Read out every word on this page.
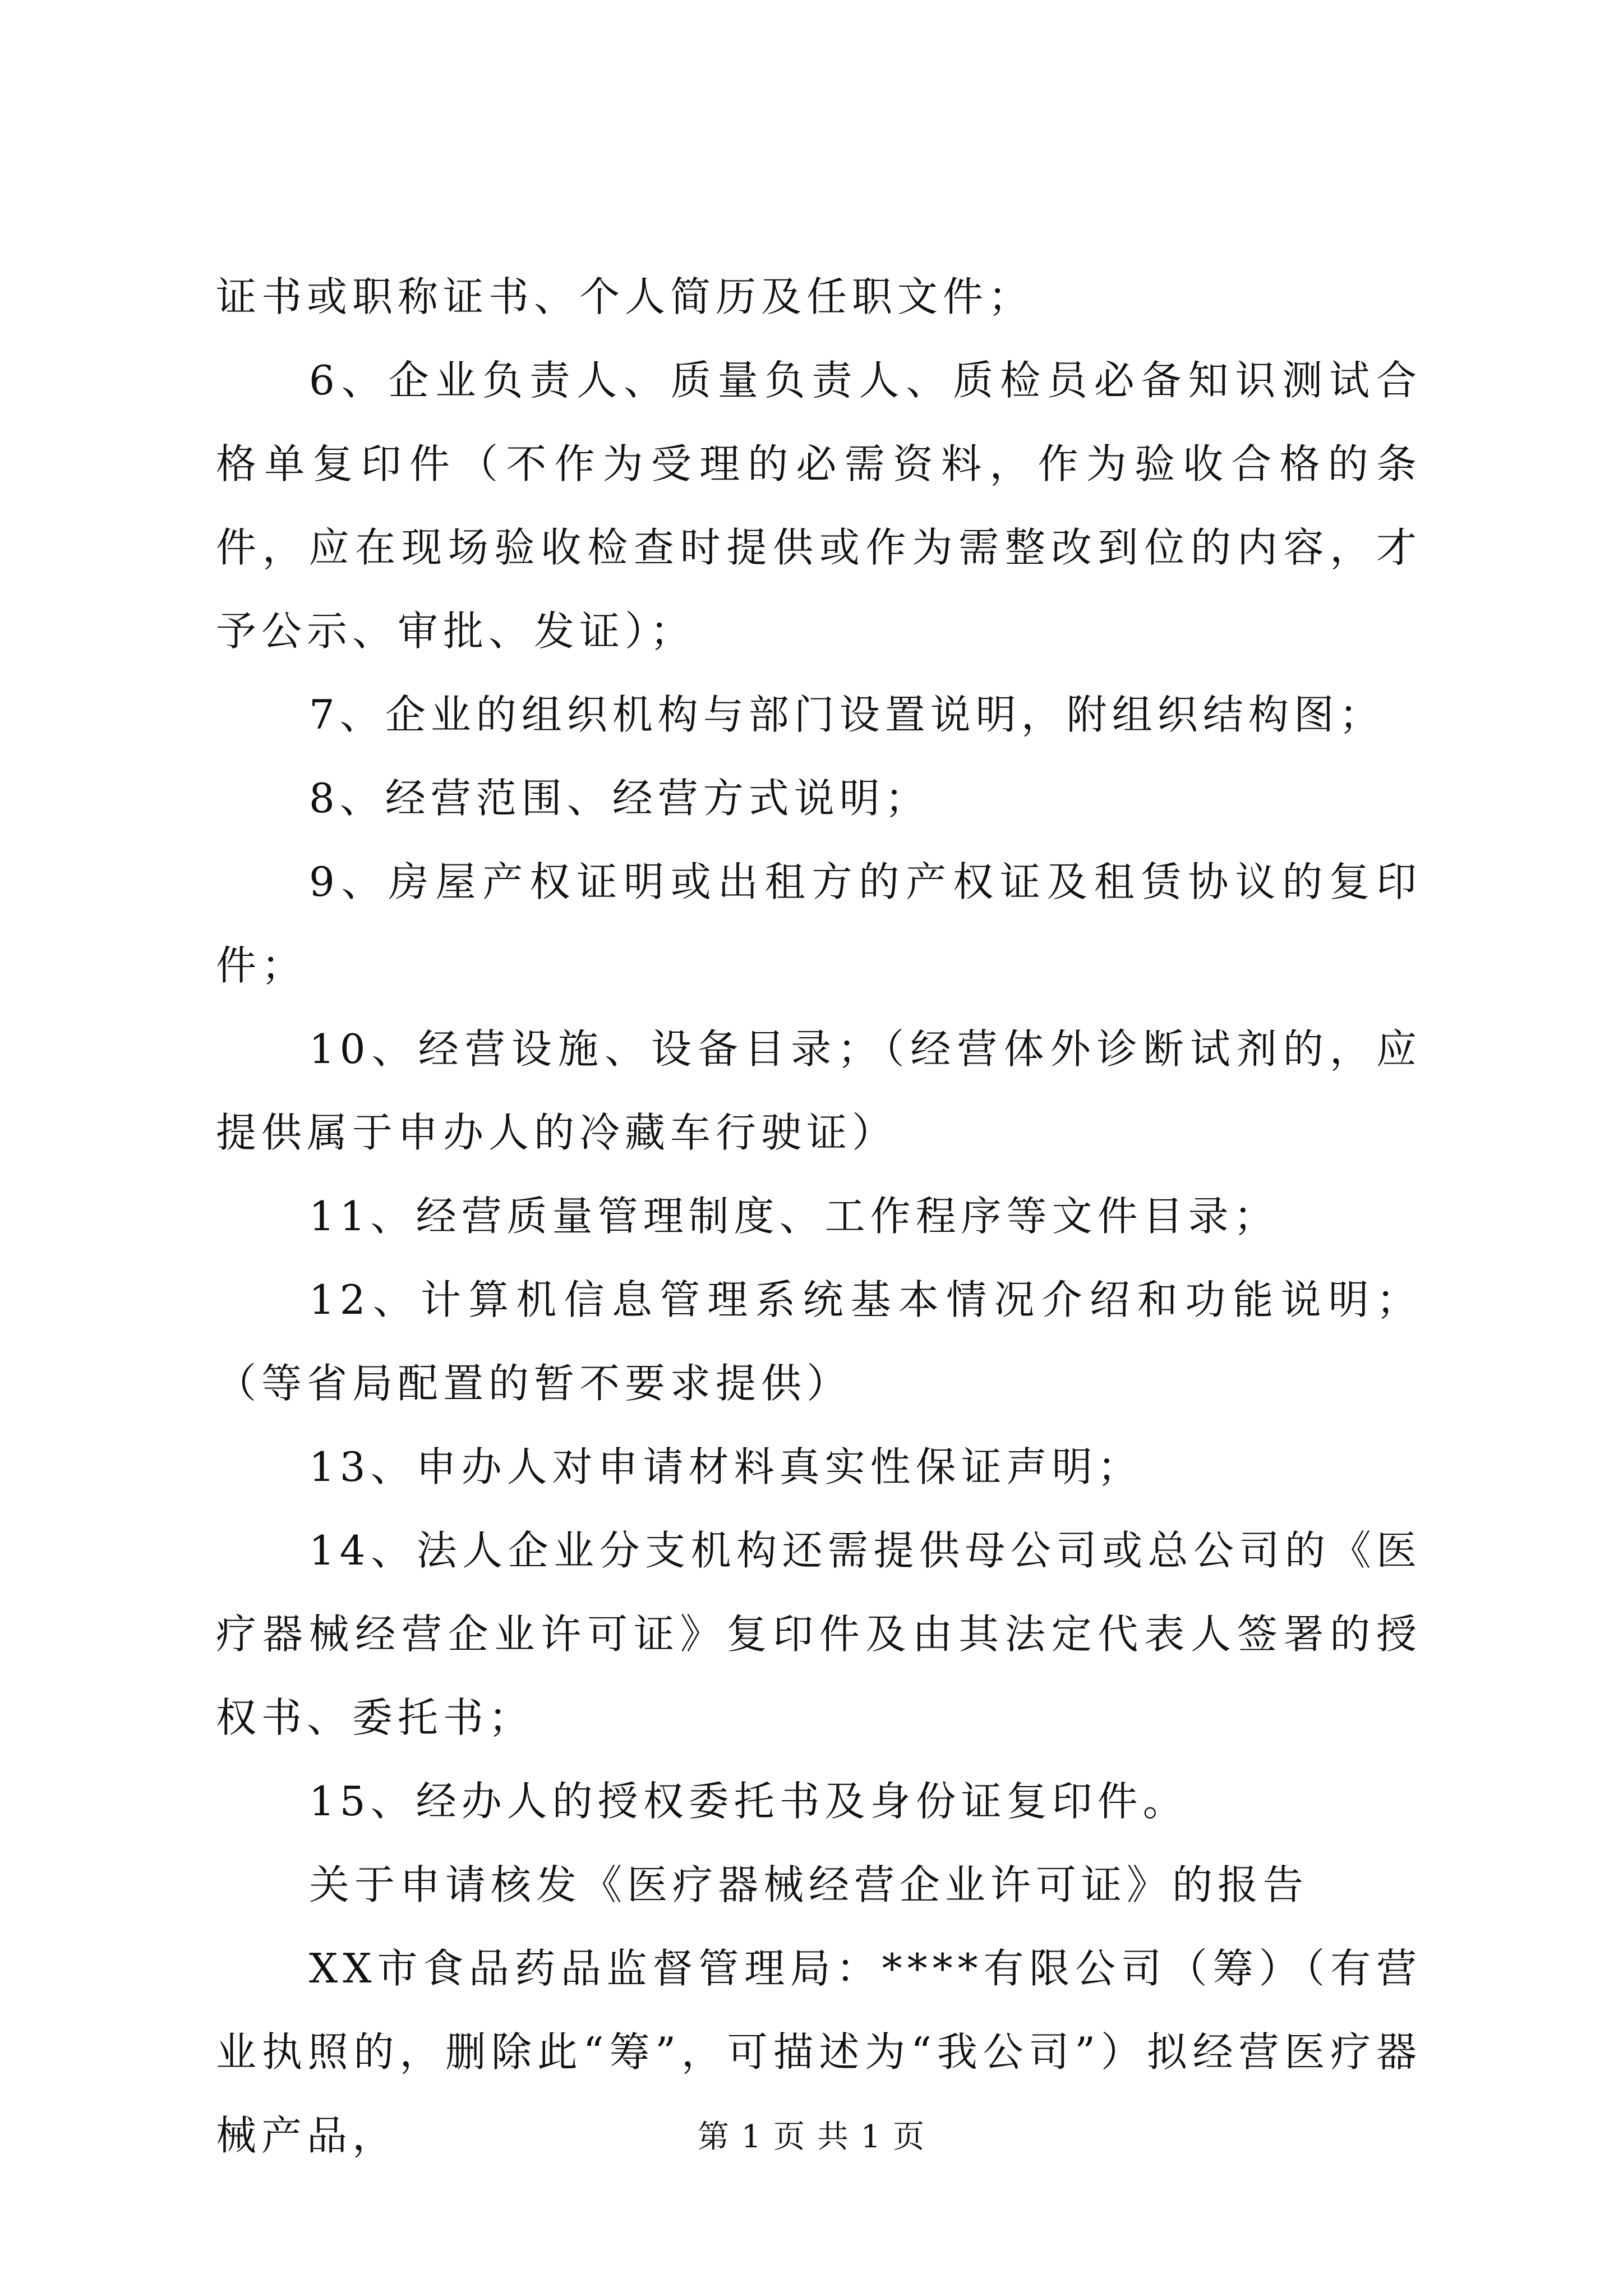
证书或职称证书、个人简历及任职文件；

6、企业负责人、质量负责人、质检员必备知识测试合格单复印件（不作为受理的必需资料，作为验收合格的条件，应在现场验收检查时提供或作为需整改到位的内容，才予公示、审批、发证）；

7、企业的组织机构与部门设置说明，附组织结构图；

8、经营范围、经营方式说明；

9、房屋产权证明或出租方的产权证及租赁协议的复印件；

10、经营设施、设备目录；（经营体外诊断试剂的，应提供属于申办人的冷藏车行驶证）

11、经营质量管理制度、工作程序等文件目录；

12、计算机信息管理系统基本情况介绍和功能说明；（等省局配置的暂不要求提供）

13、申办人对申请材料真实性保证声明；

14、法人企业分支机构还需提供母公司或总公司的《医疗器械经营企业许可证》复印件及由其法定代表人签署的授权书、委托书；

15、经办人的授权委托书及身份证复印件。

关于申请核发《医疗器械经营企业许可证》的报告

XX市食品药品监督管理局：****有限公司（筹）（有营业执照的，删除此“筹”，可描述为“我公司”）拟经营医疗器械产品，	第 1 页 共 1 页
